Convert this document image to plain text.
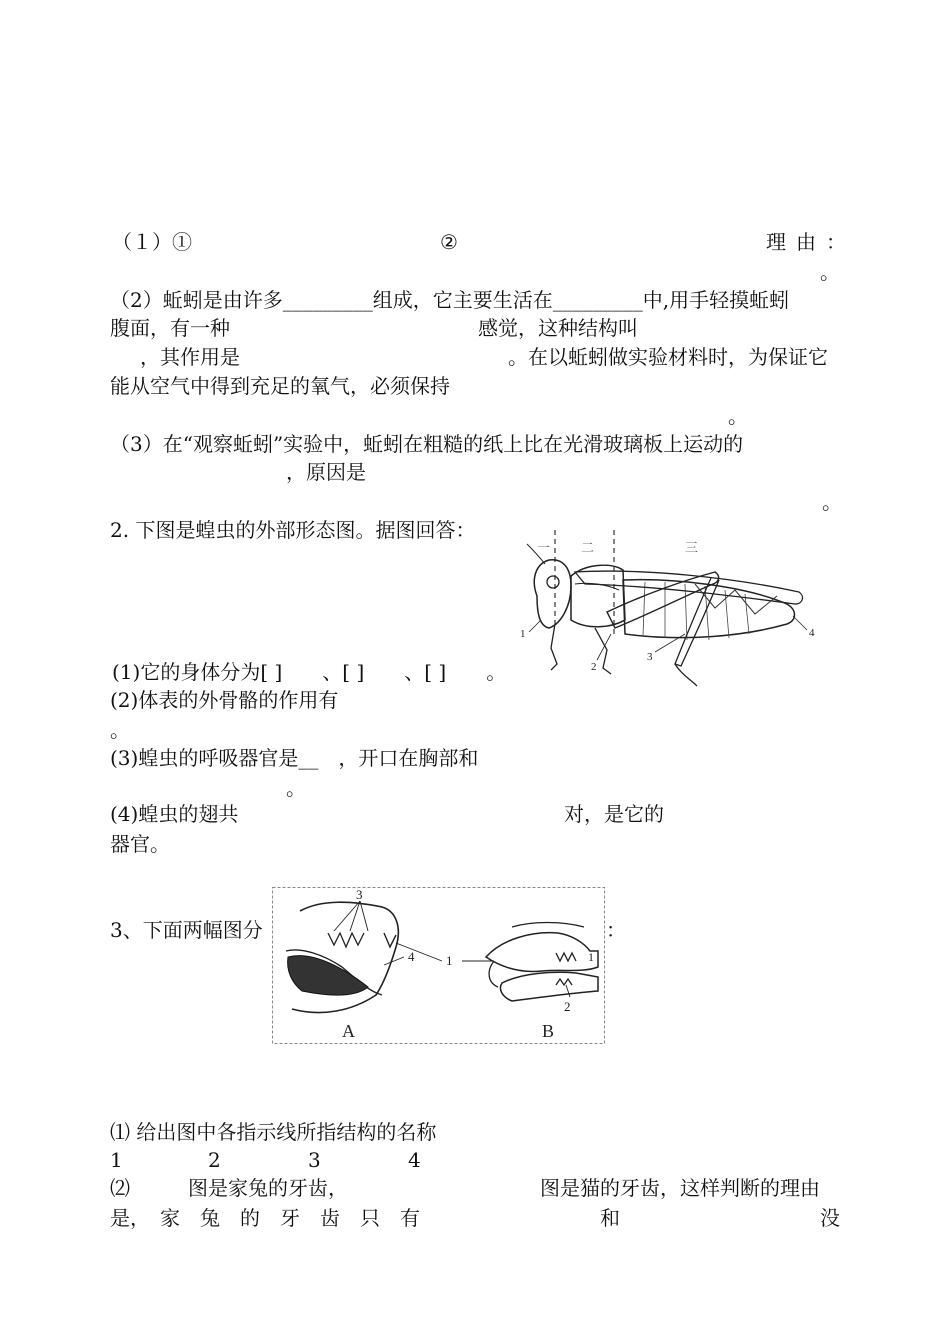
（１）①	②	理由：
。
（2）蚯蚓是由许多_________组成，它主要生活在_________中,用手轻摸蚯蚓
腹面，有一种	感觉，这种结构叫
，其作用是	。在以蚯蚓做实验材料时，为保证它
能从空气中得到充足的氧气，必须保持
。
（3）在“观察蚯蚓”实验中，蚯蚓在粗糙的纸上比在光滑玻璃板上运动的
，原因是
。
2. 下图是蝗虫的外部形态图。据图回答：
一 二	三
1
2
3
4
(1)它的身体分为[ ]　　、[ ]　　、[ ]　　。
(2)体表的外骨骼的作用有
。
(3)蝗虫的呼吸器官是__　，开口在胸部和
。
(4)蝗虫的翅共	对，是它的
器官。
3、下面两幅图分	：
3
4 1	1
2
A	B
⑴ 给出图中各指示线所指结构的名称
1	2	3	4
⑵	图是家兔的牙齿，	图是猫的牙齿，这样判断的理由
是，　家　兔　的　牙　齿　只　有	和	没
